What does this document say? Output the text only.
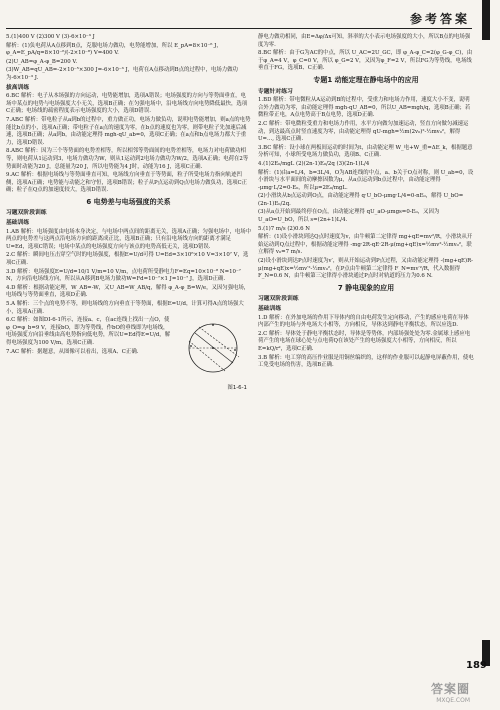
参考答案

5.(1)400 V (2)300 V (3)-6×10⁻³ J

解析：(1)负电荷从A点移到B点，克服电场力做功，电势能增加，所以 E_pA=8×10⁻⁶ J，φ_A=E_pA/q=8×10⁻⁶/(-2×10⁻⁸) V=400 V.

(2)U_AB=φ_A-φ_B=200 V.

(3)W_AB=qU_AB=-2×10⁻⁵×300 J=-6×10⁻³ J，电荷在A点移动到B点的过程中，电场力做功为-6×10⁻³ J.

拔高训练

6.BC 解析：电子从本场强的方向运动，电势能增加，选项A错误；电场强度的方向与等势面垂直，电场中某点的电势与电场强度大小无关，选项B正确；在匀强电场中，沿电场线方向电势降低最快，选项C正确；电场线的疏密程度表示电场强度的大小，选项D错误.

7.ABC 解析：带电粒子从a到b的过程中，重力做正功，电场力做负功，说明电势能增加，则a点的电势能比b点的小，选项A正确；带电粒子在a点的速度为零，在b点的速度也为零，则带电粒子先加速后减速，选项B正确；从a到b，由动能定理得 mgh-qU_ab=0，选项C正确；在a点和b点电场力都大于重力，选项D错误.

8.ABC 解析：因为三个等势面的电势差相等，所以相邻等势面间的电势差相等，电场力对电荷做功相等，则电荷从1运动到3，电场力做功为W，则从1运动到2电场力做功为W/2，选项A正确；电荷在2等势面时动能为20 J，总能量为20 J，所以电势能为4 J时，动能为16 J，选项C正确.

9.AC 解析：根据电场线与等势面垂直可知，电场线方向垂直于等势面，粒子所受电场力指向轨迹凹侧，选项A正确；电势能与动能之和守恒，选项B错误；粒子从P点运动到Q点电场力做负功，选项C正确；粒子在Q点的加速度较大，选项D错误.

6 电势差与电场强度的关系
习题双阶段训练
基础训练

1.AB 解析：电场强度由电场本身决定，与电场中两点间的距离无关，选项A正确；匀强电场中，电场中两点的电势差与这两点沿电场方向的距离成正比，选项B正确；只有沿电场线方向的距离才满足U=Ed，选项C错误；电场中某点的电场强度方向与该点的电势高低无关，选项D错误.

2.C 解析：瞬间电压击穿空气时的电场强度，根据E=U/d可得 U=Ed=3×10⁶×10 V=3×10⁷ V，选项C正确.

3.D 解析：电场强度E=U/d=10/1 V/m=10 V/m，点电荷所受静电力F=Eq=10×10⁻⁸ N=10⁻⁷ N，方向沿电场线方向，所以从A移到B电场力做功W=Fd=10⁻⁷×1 J=10⁻⁷ J，选项D正确.

4.D 解析：根据动能定理，W_AB=-W，又U_AB=W_AB/q，解得 φ_A-φ_B=W/e，又因匀强电场，电场线与等势面垂直，选项D正确.

5.A 解析：三个点的电势不等，则电场线的方向垂直于等势面，根据E=U/d，计算可得A点的场强大小，选项A正确.

图1-6-1

6.C 解析：如图DI-6-1所示，连接a、c，在ac连线上找出一点O，使 φ_O=φ_b=9 V，连接bO，即为等势线，作bO的垂线即为电场线，电场强度方向沿垂线由高电势指向低电势，所以U=Ed得E=U/d，解得电场强度为100 V/m，选项C正确.

7.AC 解析：据题意，从图像可以看出，选项A、C正确.

静电力做功相同，由E=Δφ/Δx可知，斜率的大小表示电场强度的大小，所以B点的电场强度为零.

8.BC 解析：由于G为AC的中点，所以 U_AC=2U_GC，即 φ_A-φ_C=2(φ_G-φ_C)，由于φ_A=4 V，φ_C=0 V，所以 φ_G=2 V，又因为φ_F=2 V，所以FG为等势线，电场线垂直于FG，选项B、C正确.

专题1 动能定理在静电场中的应用
专题针对练习

1.BD 解析：带电微粒从A运动到B的过程中，受重力和电场力作用，速度大小不变，说明合外力做功为零，由动能定理得 mgh-qU_AB=0，所以U_AB=mgh/q，选项B正确；若微粒带正电，A点电势高于B点电势，选项D正确.

2.C 解析：带电微粒受重力和电场力作用，水平方向做匀加速运动，竖直方向做匀减速运动，到达最高点时竖直速度为零，由动能定理得 qU-mgh=½m(2v₀)²-½mv₀²，解得 U=..., 选项C正确.

3.BC 解析：设小球在两板间运动的时间为t，由动能定理 W_电+W_重=ΔE_k，根据题意分析可知，小球所受电场力做负功，选项B、C正确.

4.(1)2E₀/mgL (2)(2n-1)E₀/2q (3)(2n-1)L/4

解析：(1)由a=L/4，b=3L/4，O为AB连线的中点，a、b关于O点对称，则 U_ab=0，设小滑块与水平面间的动摩擦因数为μ，从a点运动到b点过程中，由动能定理得 -μmg·L/2=0-E₀，所以μ=2E₀/mgL.

(2)小滑块从b点运动到O点，由动能定理得 q·U_bO-μmg·L/4=0-nE₀，解得 U_bO=(2n-1)E₀/2q.

(3)从a点开始到最终停在O点，由动能定理得 qU_aO-μmgs=0-E₀，又因为 U_aO=U_bO，所以 s=(2n+1)L/4.

5.(1)7 m/s (2)0.6 N

解析：(1)设小滑块到达Q点时速度为v，由牛顿第二定律得 mg+qE=mv²/R，小滑块从开始运动到Q点过程中，根据动能定理得 -mg·2R-qE·2R-μ(mg+qE)x=½mv²-½mv₀²，联立解得 v₀=7 m/s.

(2)设小滑块到达P点时速度为v′，则从开始运动到P点过程，又由动能定理得 -(mg+qE)R-μ(mg+qE)x=½mv′²-½mv₀²，在P点由牛顿第二定律得 F_N=mv′²/R，代入数据得 F_N=0.6 N，由牛顿第三定律得小滑块通过P点时对轨道的压力为0.6 N.

7 静电现象的应用
习题双阶段训练
基础训练

1.D 解析：在外加电场的作用下导体内的自由电荷发生定向移动，产生的感应电荷在导体内部产生的电场与外电场大小相等，方向相反，导体达到静电平衡状态，所以应选D.

2.C 解析：导体处于静电平衡状态时，导体是等势体，内部场强处处为零.金属球上感应电荷产生的电场在球心处与点电荷Q在该处产生的电场强度大小相等，方向相反，所以E=kQ/r²，选项C正确.

3.B 解析：电工穿的高压作业服是用铜丝编织的，这样的作业服可以起静电屏蔽作用，使电工免受电场的伤害，选项B正确.

189
答案圈
MXQE.COM
